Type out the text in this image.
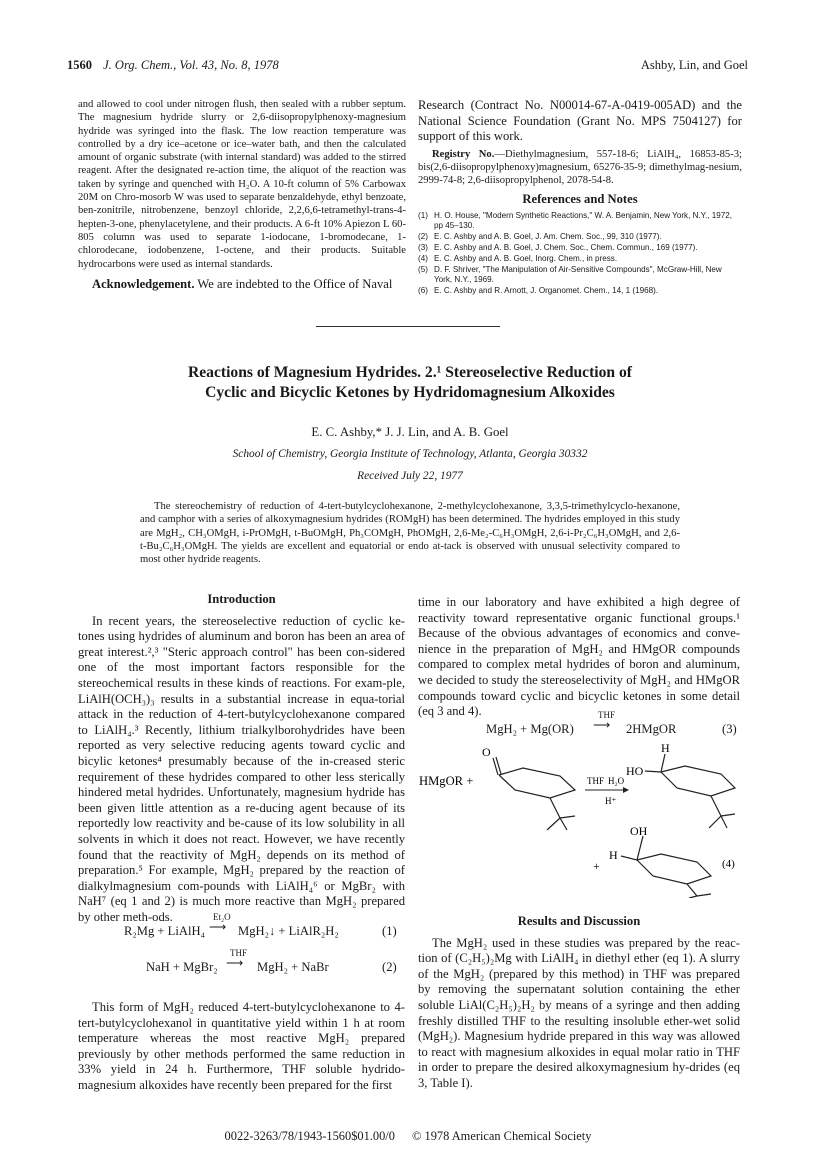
1560 J. Org. Chem., Vol. 43, No. 8, 1978	Ashby, Lin, and Goel
and allowed to cool under nitrogen flush, then sealed with a rubber septum. The magnesium hydride slurry or 2,6-diisopropylphenoxy-magnesium hydride was syringed into the flask. The low reaction temperature was controlled by a dry ice–acetone or ice–water bath, and then the calculated amount of organic substrate (with internal standard) was added to the stirred reagent. After the designated re-action time, the aliquot of the reaction was taken by syringe and quenched with H₂O. A 10-ft column of 5% Carbowax 20M on Chro-mosorb W was used to separate benzaldehyde, ethyl benzoate, ben-zonitrile, nitrobenzene, benzoyl chloride, 2,2,6,6-tetramethyl-trans-4-hepten-3-one, phenylacetylene, and their products. A 6-ft 10% Apiezon L 60-805 column was used to separate 1-iodocane, 1-bromodecane, 1-chlorodecane, iodobenzene, 1-octene, and their products. Suitable hydrocarbons were used as internal standards.
Acknowledgement. We are indebted to the Office of Naval
Research (Contract No. N00014-67-A-0419-005AD) and the National Science Foundation (Grant No. MPS 7504127) for support of this work.
Registry No.—Diethylmagnesium, 557-18-6; LiAlH₄, 16853-85-3; bis(2,6-diisopropylphenoxy)magnesium, 65276-35-9; dimethylmag-nesium, 2999-74-8; 2,6-diisopropylphenol, 2078-54-8.
References and Notes
(1) H. O. House, "Modern Synthetic Reactions," W. A. Benjamin, New York, N.Y., 1972, pp 45–130.
(2) E. C. Ashby and A. B. Goel, J. Am. Chem. Soc., 99, 310 (1977).
(3) E. C. Ashby and A. B. Goel, J. Chem. Soc., Chem. Commun., 169 (1977).
(4) E. C. Ashby and A. B. Goel, Inorg. Chem., in press.
(5) D. F. Shriver, "The Manipulation of Air-Sensitive Compounds", McGraw-Hill, New York, N.Y., 1969.
(6) E. C. Ashby and R. Arnott, J. Organomet. Chem., 14, 1 (1968).
Reactions of Magnesium Hydrides. 2.¹ Stereoselective Reduction of
Cyclic and Bicyclic Ketones by Hydridomagnesium Alkoxides
E. C. Ashby,* J. J. Lin, and A. B. Goel
School of Chemistry, Georgia Institute of Technology, Atlanta, Georgia 30332
Received July 22, 1977
The stereochemistry of reduction of 4-tert-butylcyclohexanone, 2-methylcyclohexanone, 3,3,5-trimethylcyclo-hexanone, and camphor with a series of alkoxymagnesium hydrides (ROMgH) has been determined. The hydrides employed in this study are MgH₂, CH₃OMgH, i-PrOMgH, t-BuOMgH, Ph₃COMgH, PhOMgH, 2,6-Me₂-C₆H₃OMgH, 2,6-i-Pr₂C₆H₃OMgH, and 2,6-t-Bu₂C₆H₃OMgH. The yields are excellent and equatorial or endo at-tack is observed with unusual selectivity compared to most other hydride reagents.
Introduction

In recent years, the stereoselective reduction of cyclic ke-tones using hydrides of aluminum and boron has been an area of great interest.²,³ "Steric approach control" has been con-sidered one of the most important factors responsible for the stereochemical results in these kinds of reactions. For exam-ple, LiAlH(OCH₃)₃ results in a substantial increase in equa-torial attack in the reduction of 4-tert-butylcyclohexanone compared to LiAlH₄.³ Recently, lithium trialkylborohydrides have been reported as very selective reducing agents toward cyclic and bicylic ketones⁴ presumably because of the in-creased steric requirement of these hydrides compared to other less sterically hindered metal hydrides. Unfortunately, magnesium hydride has been given little attention as a re-ducing agent because of its reportedly low reactivity and be-cause of its low solubility in all solvents in which it does not react. However, we have recently found that the reactivity of MgH₂ depends on its method of preparation.⁵ For example, MgH₂ prepared by the reaction of dialkylmagnesium com-pounds with LiAlH₄⁶ or MgBr₂ with NaH⁷ (eq 1 and 2) is much more reactive than MgH₂ prepared by other meth-ods.

R₂Mg + LiAlH₄
Et₂O
⟶ MgH₂↓ + LiAlR₂H₂	(1)
NaH + MgBr₂
THF
⟶ MgH₂ + NaBr	(2)

This form of MgH₂ reduced 4-tert-butylcyclohexanone to 4-tert-butylcyclohexanol in quantitative yield within 1 h at room temperature whereas the most reactive MgH₂ prepared previously by other methods performed the same reduction in 33% yield in 24 h. Furthermore, THF soluble hydrido-magnesium alkoxides have recently been prepared for the first

time in our laboratory and have exhibited a high degree of reactivity toward representative organic functional groups.¹ Because of the obvious advantages of economics and conve-nience in the preparation of MgH₂ and HMgOR compounds compared to complex metal hydrides of boron and aluminum, we decided to study the stereoselectivity of MgH₂ and HMgOR compounds toward cyclic and bicyclic ketones in some detail (eq 3 and 4).
MgH₂ + Mg(OR)
THF
⟶ 2HMgOR	(3)
HMgOR +
O
THF H₂O
H⁺
H
HO
OH
H
+	(4)
Results and Discussion

The MgH₂ used in these studies was prepared by the reac-tion of (C₂H₅)₂Mg with LiAlH₄ in diethyl ether (eq 1). A slurry of the MgH₂ (prepared by this method) in THF was prepared by removing the supernatant solution containing the ether soluble LiAl(C₂H₅)₂H₂ by means of a syringe and then adding freshly distilled THF to the resulting insoluble ether-wet solid (MgH₂). Magnesium hydride prepared in this way was allowed to react with magnesium alkoxides in equal molar ratio in THF in order to prepare the desired alkoxymagnesium hy-drides (eq 3, Table I).

0022-3263/78/1943-1560$01.00/0 © 1978 American Chemical Society
